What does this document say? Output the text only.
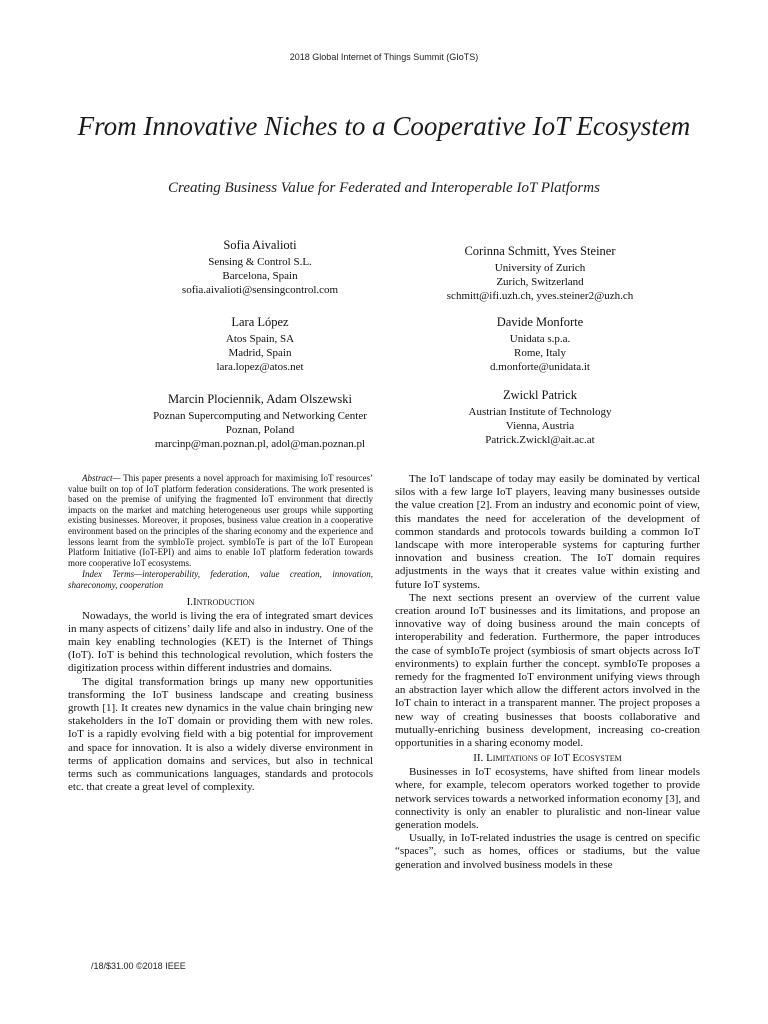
2018 Global Internet of Things Summit (GIoTS)
From Innovative Niches to a Cooperative IoT Ecosystem
Creating Business Value for Federated and Interoperable IoT Platforms
Sofia Aivalioti
Sensing & Control S.L.
Barcelona, Spain
sofia.aivalioti@sensingcontrol.com
Lara López
Atos Spain, SA
Madrid, Spain
lara.lopez@atos.net
Marcin Plociennik, Adam Olszewski
Poznan Supercomputing and Networking Center
Poznan, Poland
marcinp@man.poznan.pl, adol@man.poznan.pl
Corinna Schmitt, Yves Steiner
University of Zurich
Zurich, Switzerland
schmitt@ifi.uzh.ch, yves.steiner2@uzh.ch
Davide Monforte
Unidata s.p.a.
Rome, Italy
d.monforte@unidata.it
Zwickl Patrick
Austrian Institute of Technology
Vienna, Austria
Patrick.Zwickl@ait.ac.at

Abstract— This paper presents a novel approach for maximising IoT resources’ value built on top of IoT platform federation considerations. The work presented is based on the premise of unifying the fragmented IoT environment that directly impacts on the market and matching heterogeneous user groups while supporting existing businesses. Moreover, it proposes, business value creation in a cooperative environment based on the principles of the sharing economy and the experience and lessons learnt from the symbIoTe project. symbIoTe is part of the IoT European Platform Initiative (IoT-EPI) and aims to enable IoT platform federation towards more cooperative IoT ecosystems.

Index Terms—interoperability, federation, value creation, innovation, shareconomy, cooperation

I.Introduction

Nowadays, the world is living the era of integrated smart devices in many aspects of citizens’ daily life and also in industry. One of the main key enabling technologies (KET) is the Internet of Things (IoT). IoT is behind this technological revolution, which fosters the digitization process within different industries and domains.

The digital transformation brings up many new opportunities transforming the IoT business landscape and creating business growth [1]. It creates new dynamics in the value chain bringing new stakeholders in the IoT domain or providing them with new roles. IoT is a rapidly evolving field with a big potential for improvement and space for innovation. It is also a widely diverse environment in terms of application domains and services, but also in technical terms such as communications languages, standards and protocols etc. that create a great level of complexity.

The IoT landscape of today may easily be dominated by vertical silos with a few large IoT players, leaving many businesses outside the value creation [2]. From an industry and economic point of view, this mandates the need for acceleration of the development of common standards and protocols towards building a common IoT landscape with more interoperable systems for capturing further innovation and business creation. The IoT domain requires adjustments in the ways that it creates value within existing and future IoT systems.

The next sections present an overview of the current value creation around IoT businesses and its limitations, and propose an innovative way of doing business around the main concepts of interoperability and federation. Furthermore, the paper introduces the case of symbIoTe project (symbiosis of smart objects across IoT environments) to explain further the concept. symbIoTe proposes a remedy for the fragmented IoT environment unifying views through an abstraction layer which allow the different actors involved in the IoT chain to interact in a transparent manner. The project proposes a new way of creating businesses that boosts collaborative and mutually-enriching business development, increasing co-creation opportunities in a sharing economy model.

II. Limitations of IoT Ecosystem

Businesses in IoT ecosystems, have shifted from linear models where, for example, telecom operators worked together to provide network services towards a networked information economy [3], and connectivity is only an enabler to pluralistic and non-linear value generation models.

Usually, in IoT-related industries the usage is centred on specific “spaces”, such as homes, offices or stadiums, but the value generation and involved business models in these

/18/$31.00 ©2018 IEEE
